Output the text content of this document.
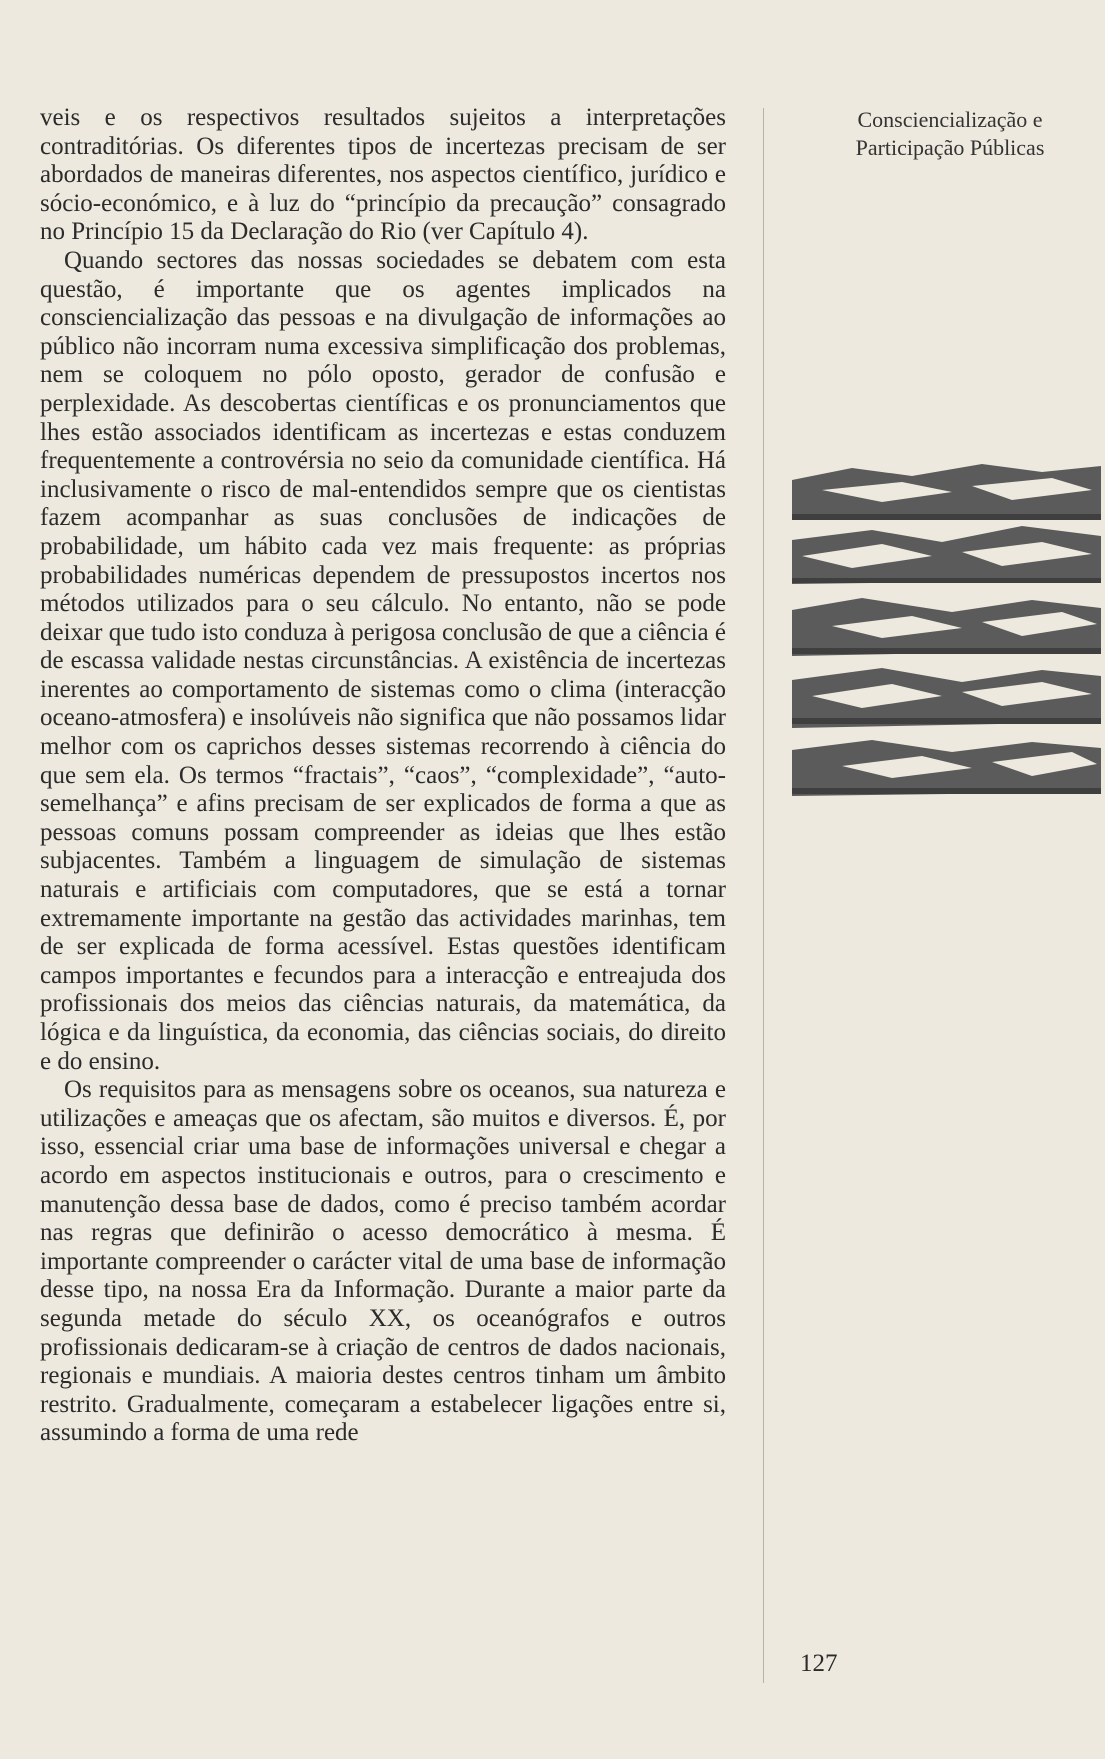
veis e os respectivos resultados sujeitos a interpretações contraditórias. Os diferentes tipos de incertezas precisam de ser abordados de maneiras diferentes, nos aspectos científico, jurídico e sócio-económico, e à luz do “princípio da precaução” consagrado no Princípio 15 da Declaração do Rio (ver Capítulo 4).

Quando sectores das nossas sociedades se debatem com esta questão, é importante que os agentes implicados na consciencialização das pessoas e na divulgação de informações ao público não incorram numa excessiva simplificação dos problemas, nem se coloquem no pólo oposto, gerador de confusão e perplexidade. As descobertas científicas e os pronunciamentos que lhes estão associados identificam as incertezas e estas conduzem frequentemente a controvérsia no seio da comunidade científica. Há inclusivamente o risco de mal-entendidos sempre que os cientistas fazem acompanhar as suas conclusões de indicações de probabilidade, um hábito cada vez mais frequente: as próprias probabilidades numéricas dependem de pressupostos incertos nos métodos utilizados para o seu cálculo. No entanto, não se pode deixar que tudo isto conduza à perigosa conclusão de que a ciência é de escassa validade nestas circunstâncias. A existência de incertezas inerentes ao comportamento de sistemas como o clima (interacção oceano-atmosfera) e insolúveis não significa que não possamos lidar melhor com os caprichos desses sistemas recorrendo à ciência do que sem ela. Os termos “fractais”, “caos”, “complexidade”, “auto-semelhança” e afins precisam de ser explicados de forma a que as pessoas comuns possam compreender as ideias que lhes estão subjacentes. Também a linguagem de simulação de sistemas naturais e artificiais com computadores, que se está a tornar extremamente importante na gestão das actividades marinhas, tem de ser explicada de forma acessível. Estas questões identificam campos importantes e fecundos para a interacção e entreajuda dos profissionais dos meios das ciências naturais, da matemática, da lógica e da linguística, da economia, das ciências sociais, do direito e do ensino.

Os requisitos para as mensagens sobre os oceanos, sua natureza e utilizações e ameaças que os afectam, são muitos e diversos. É, por isso, essencial criar uma base de informações universal e chegar a acordo em aspectos institucionais e outros, para o crescimento e manutenção dessa base de dados, como é preciso também acordar nas regras que definirão o acesso democrático à mesma. É importante compreender o carácter vital de uma base de informação desse tipo, na nossa Era da Informação. Durante a maior parte da segunda metade do século XX, os oceanógrafos e outros profissionais dedicaram-se à criação de centros de dados nacionais, regionais e mundiais. A maioria destes centros tinham um âmbito restrito. Gradualmente, começaram a estabelecer ligações entre si, assumindo a forma de uma rede

Consciencialização e
Participação Públicas
127
